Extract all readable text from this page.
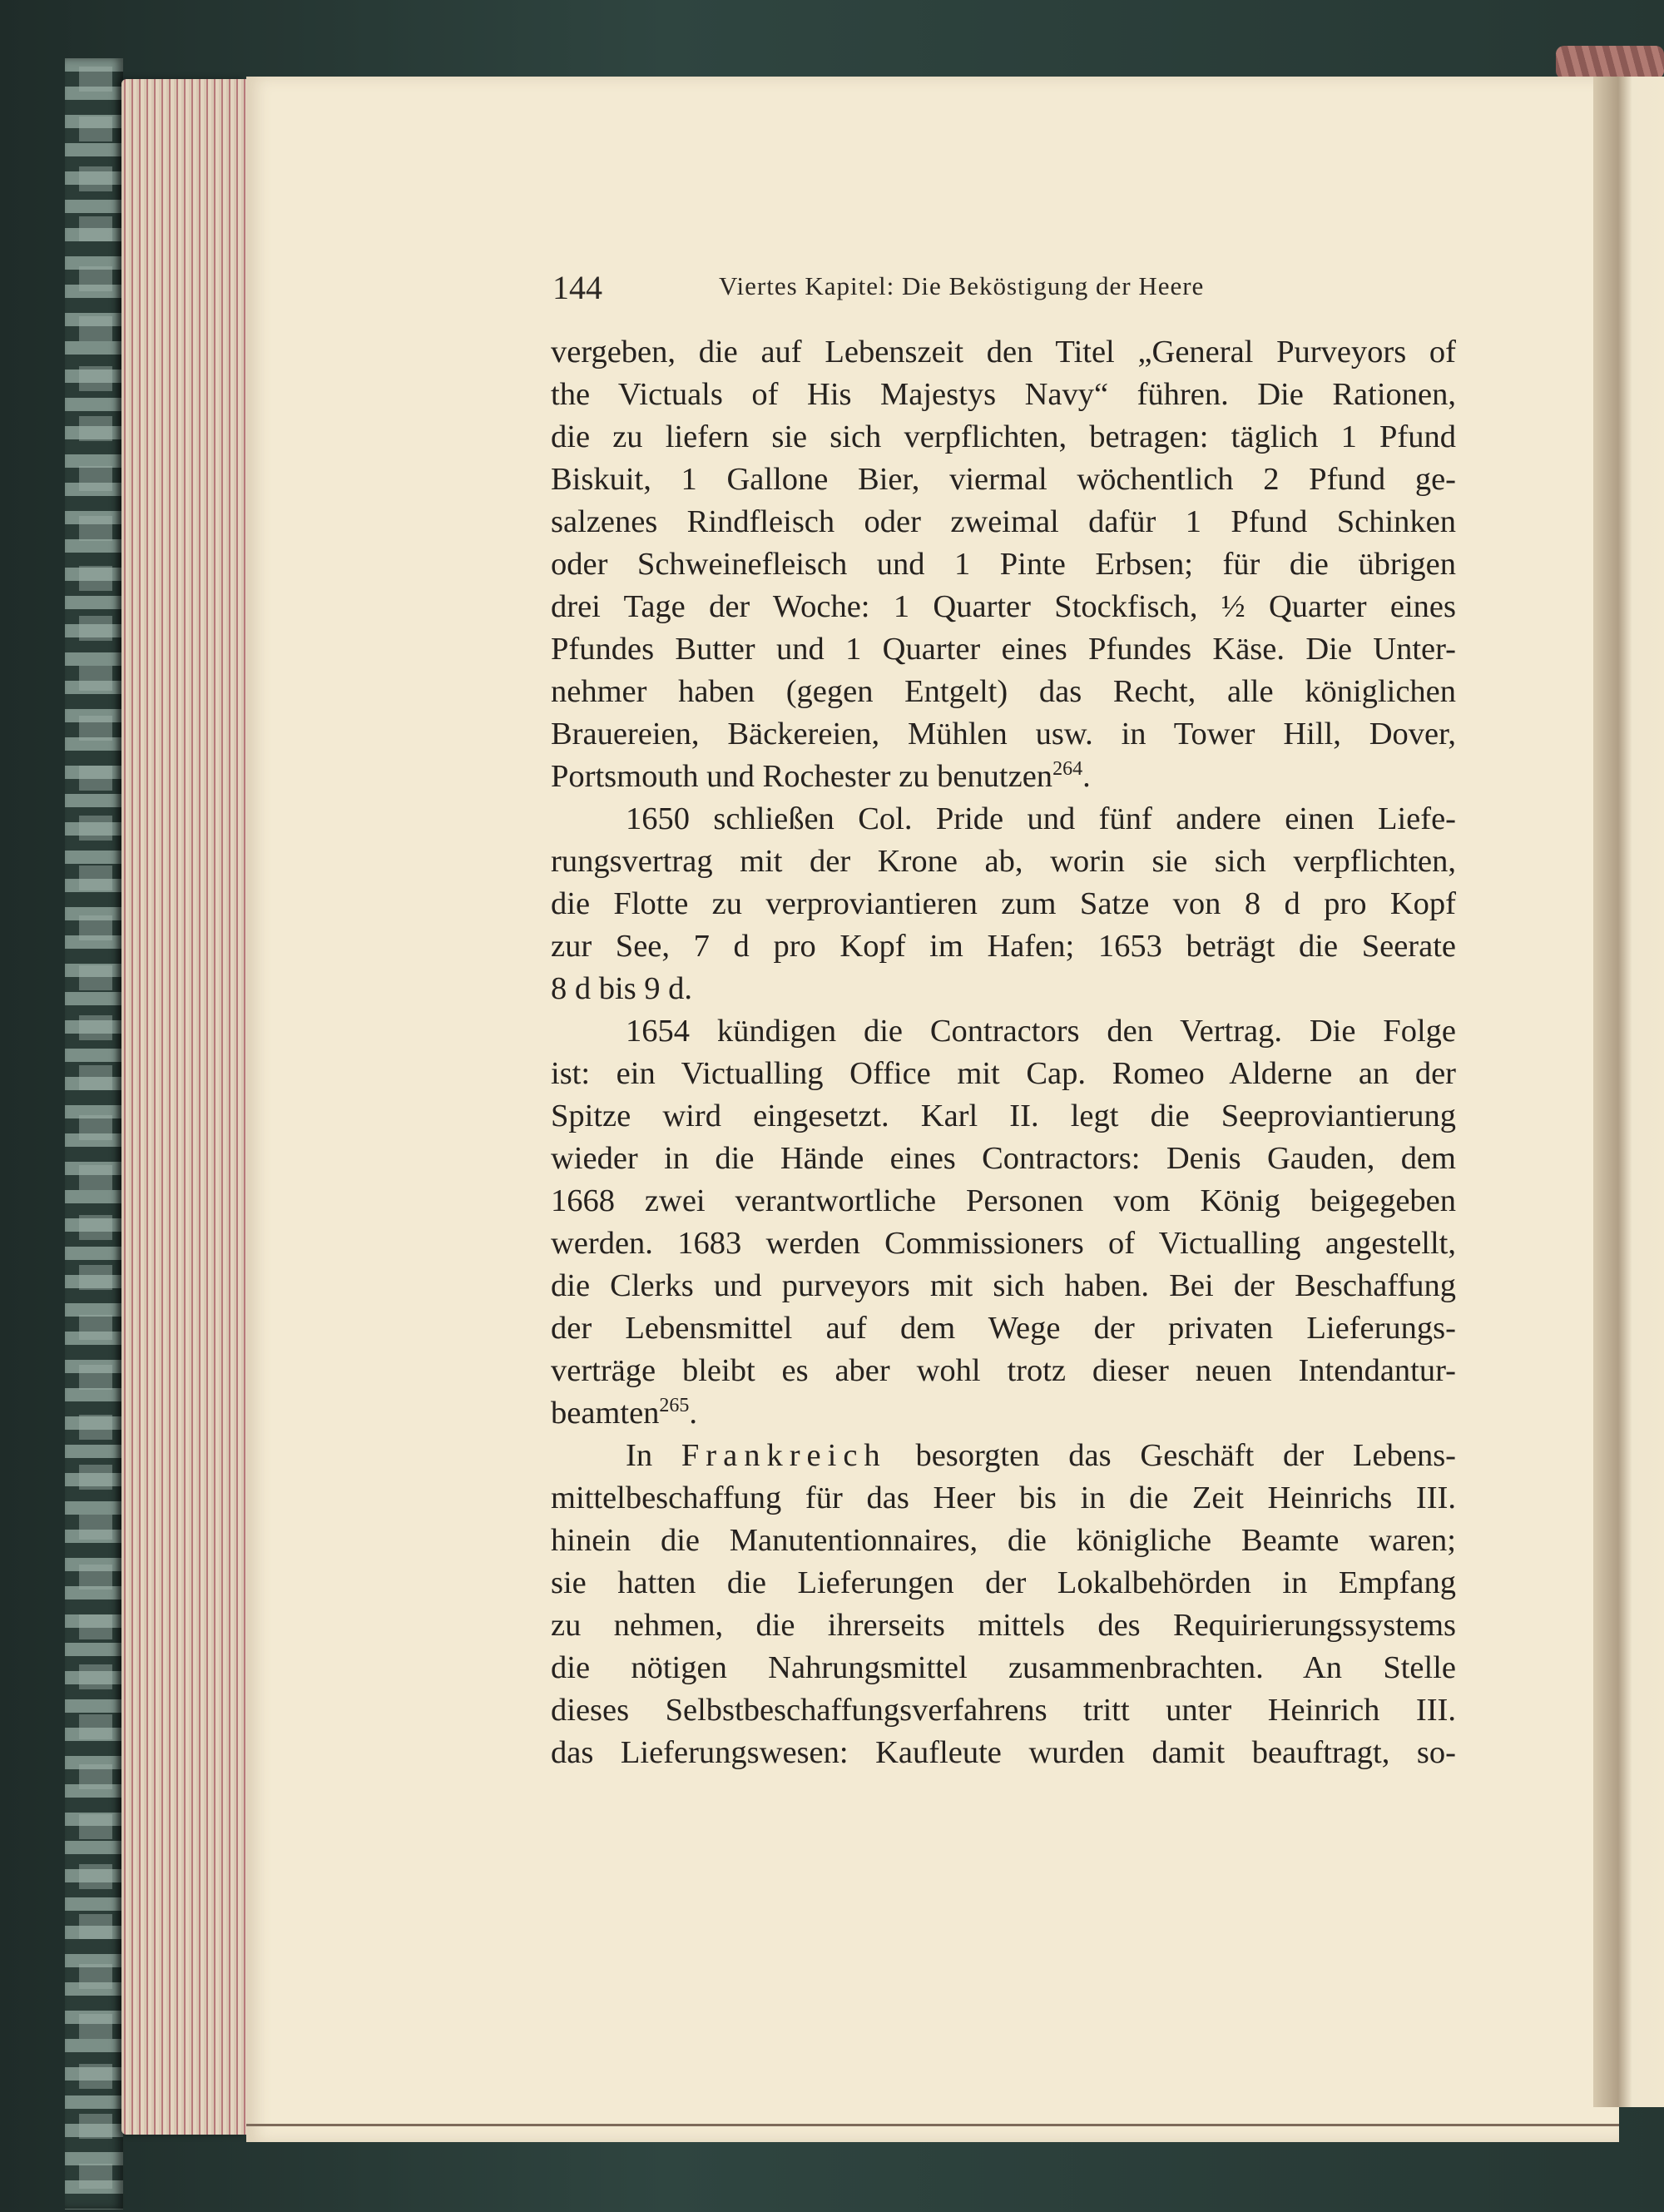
144	Viertes Kapitel: Die Beköstigung der Heere
vergeben, die auf Lebenszeit den Titel „General Purveyors of
the Victuals of His Majestys Navy“ führen. Die Rationen,
die zu liefern sie sich verpflichten, betragen: täglich 1 Pfund
Biskuit, 1 Gallone Bier, viermal wöchentlich 2 Pfund ge-
salzenes Rindfleisch oder zweimal dafür 1 Pfund Schinken
oder Schweinefleisch und 1 Pinte Erbsen; für die übrigen
drei Tage der Woche: 1 Quarter Stockfisch, ½ Quarter eines
Pfundes Butter und 1 Quarter eines Pfundes Käse. Die Unter-
nehmer haben (gegen Entgelt) das Recht, alle königlichen
Brauereien, Bäckereien, Mühlen usw. in Tower Hill, Dover,
Portsmouth und Rochester zu benutzen$^{264}$.
1650 schließen Col. Pride und fünf andere einen Liefe-
rungsvertrag mit der Krone ab, worin sie sich verpflichten,
die Flotte zu verproviantieren zum Satze von 8 d pro Kopf
zur See, 7 d pro Kopf im Hafen; 1653 beträgt die Seerate
8 d bis 9 d.
1654 kündigen die Contractors den Vertrag. Die Folge
ist: ein Victualling Office mit Cap. Romeo Alderne an der
Spitze wird eingesetzt. Karl II. legt die Seeproviantierung
wieder in die Hände eines Contractors: Denis Gauden, dem
1668 zwei verantwortliche Personen vom König beigegeben
werden. 1683 werden Commissioners of Victualling angestellt,
die Clerks und purveyors mit sich haben. Bei der Beschaffung
der Lebensmittel auf dem Wege der privaten Lieferungs-
verträge bleibt es aber wohl trotz dieser neuen Intendantur-
beamten$^{265}$.
In Frankreich besorgten das Geschäft der Lebens-
mittelbeschaffung für das Heer bis in die Zeit Heinrichs III.
hinein die Manutentionnaires, die königliche Beamte waren;
sie hatten die Lieferungen der Lokalbehörden in Empfang
zu nehmen, die ihrerseits mittels des Requirierungssystems
die nötigen Nahrungsmittel zusammenbrachten. An Stelle
dieses Selbstbeschaffungsverfahrens tritt unter Heinrich III.
das Lieferungswesen: Kaufleute wurden damit beauftragt, so-
